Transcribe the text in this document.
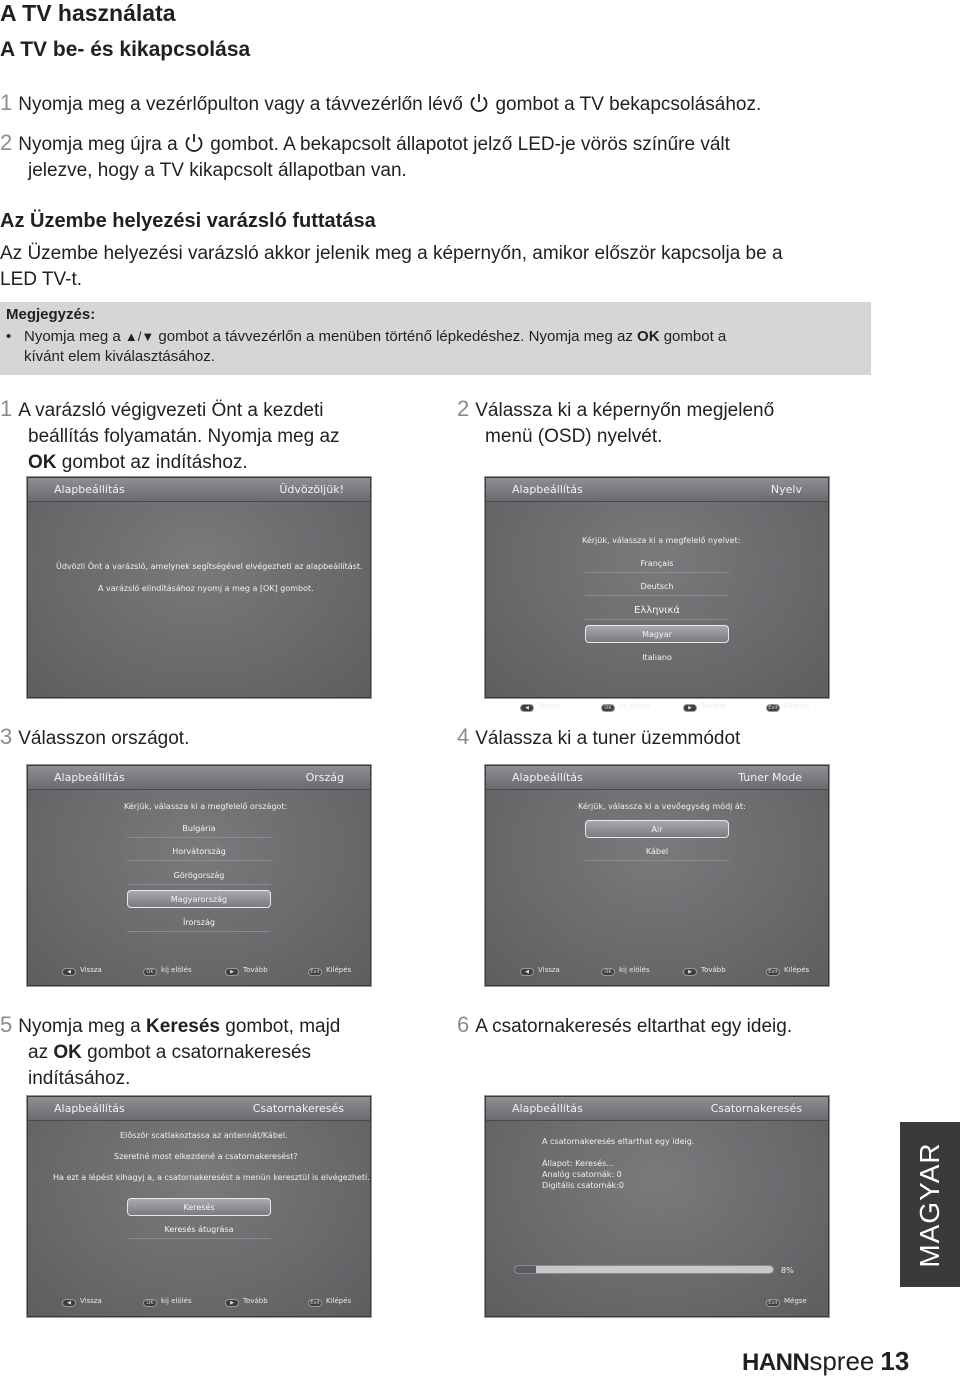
A TV használata
A TV be- és kikapcsolása
1 Nyomja meg a vezérlőpulton vagy a távvezérlőn lévő gombot a TV bekapcsolásához.
2 Nyomja meg újra a gombot. A bekapcsolt állapotot jelző LED-je vörös színűre vált
jelezve, hogy a TV kikapcsolt állapotban van.
Az Üzembe helyezési varázsló futtatása
Az Üzembe helyezési varázsló akkor jelenik meg a képernyőn, amikor először kapcsolja be a
LED TV-t.
Megjegyzés:
• Nyomja meg a ▲/▼ gombot a távvezérlőn a menüben történő lépkedéshez. Nyomja meg az OK gombot a
kívánt elem kiválasztásához.
1 A varázsló végigvezeti Önt a kezdeti
beállítás folyamatán. Nyomja meg az
OK gombot az indításhoz.
2 Válassza ki a képernyőn megjelenő
menü (OSD) nyelvét.
Alapbeállítás	Üdvözöljük!
Üdvözli Önt a varázsló, amelynek segítségével elvégezheti az alapbeállítást.
A varázsló elindításához nyomj a meg a [OK] gombot.
Alapbeállítás	Nyelv
Kérjük, válassza ki a megfelelő nyelvet:
Français
Deutsch
Ελληνικά
Magyar
Italiano
◀ Vissza	OK kij elölés	▶ Tovább	Exit Kilépés
3 Válasszon országot.	4 Válassza ki a tuner üzemmódot
Alapbeállítás	Ország
Kérjük, válassza ki a megfelelő országot:
Bulgária
Horvátország
Görögország
Magyarország
Írország
◀ Vissza	OK kij elölés	▶ Tovább	Exit Kilépés
Alapbeállítás	Tuner Mode
Kérjük, válassza ki a vevőegység módj át:
Air
Kábel
◀ Vissza	OK kij elölés	▶ Tovább	Exit Kilépés
5 Nyomja meg a Keresés gombot, majd
az OK gombot a csatornakeresés
indításához.
6 A csatornakeresés eltarthat egy ideig.
Alapbeállítás	Csatornakeresés
Először scatlakoztassa az antennát/Kábel.
Szeretné most elkezdené a csatornakeresést?
Ha ezt a lépést kihagyj a, a csatornakeresést a menün keresztül is elvégezheti.
Keresés
Keresés átugrása
◀ Vissza	OK kij elölés	▶ Tovább	Exit Kilépés
Alapbeállítás	Csatornakeresés
A csatornakeresés eltarthat egy ideig.
Állapot: Keresés...
Analóg csatornák: 0
Digitális csatornák:0
8%
Exit Mégse
MAGYAR
HANNspree 13
